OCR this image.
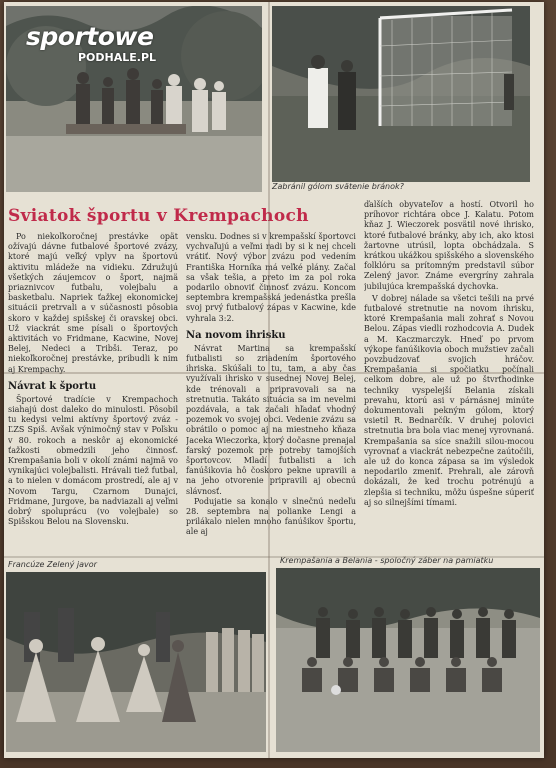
sportowe
PODHALE.PL
Zabránil gólom svätenie bránok?
Sviatok športu v Krempachoch

Po niekoľkoročnej prestávke opät ožívajú dávne futbalové športové zvázy, ktoré majú veľký vplyv na športovú aktivitu mládeže na vidieku. Združujú všetkých záujemcov o šport, najmä priaznivcov futbalu, volejbalu a basketbalu. Napriek ťažkej ekonomickej situácii pretrvali a v súčasnosti pôsobia skoro v každej spišskej či oravskej obci. Už viackrát sme písali o športových aktivitách vo Fridmane, Kacwine, Novej Belej, Nedeci a Tribši. Teraz, po niekoľkoročnej prestávke, pribudli k nim aj Krempachy.

Návrat k športu

Športové tradície v Krempachoch siahajú dost daleko do minulosti. Pôsobil tu kedysi velmi aktívny športový zváz - ĽZS Spiš. Avšak výnimočný stav v Poľsku v 80. rokoch a neskôr aj ekonomické ťažkosti obmedzili jeho činnosť. Krempašania boli v okolí známi najmä vo vynikajúci volejbalisti. Hrávali tiež futbal, a to nielen v domácom prostredí, ale aj v Novom Targu, Czarnom Dunajci, Fridmane, Jurgove, ba nadviazali aj veľmi dobrý spoluprácu (vo volejbale) so Spišskou Belou na Slovensku.

vensku. Dodnes si v krempašskí športovci vychvaľujú a veľmi radi by si k nej chceli vrátiť. Nový výbor zvázu pod vedením Františka Horníka má veľké plány. Začal sa však tešia, a preto im za pol roka podarilo obnoviť činnosť zvázu. Koncom septembra krempašská jedenástka prešla svoj prvý futbalový zápas v Kacwine, kde vyhrala 3:2.

Na novom ihrisku

Návrat Martina sa krempašskí futbalisti so zriadením športového ihriska. Skúšali to tu, tam, a aby čas využívali ihrisko v susednej Novej Belej, kde trénovali a pripravovali sa na stretnutia. Takáto situácia sa im nevelmi pozdávala, a tak začali hľadať vhodný pozemok vo svojej obci. Vedenie zvázu sa obrátilo o pomoc aj na miestneho kňaza Jaceka Wieczorka, ktorý dočasne prenajal farský pozemok pre potreby tamojších športovcov. Mladí futbalisti a ich fanúšikovia hô čoskoro pekne upravili a na jeho otvorenie pripravili aj obecnú slávnosť.

Podujatie sa konalo v slnečnú nedeľu 28. septembra na polianke Lengi a prilákalo nielen mnoho fanúšikov športu, ale aj

ďalších obyvateľov a hostí. Otvoril ho príhovor richtára obce J. Kalatu. Potom kňaz J. Wieczorek posvätil nové ihrisko, ktoré futbalové bránky, aby ich, ako ktosi žartovne utrúsil, lopta obchádzala. S krátkou ukážkou spišského a slovenského folklóru sa prítomným predstavil súbor Zelený javor. Známe evergríny zahrala jubilujúca krempašská dychovka.

V dobrej nálade sa všetci tešili na prvé futbalové stretnutie na novom ihrisku, ktoré Krempašania mali zohrať s Novou Belou. Zápas viedli rozhodcovia A. Dudek a M. Kaczmarczyk. Hneď po prvom výkope fanúšikovia oboch mužstiev začali povzbudzovať svojich hráčov. Krempašania si spočiatku počínali celkom dobre, ale už po štvrťhodinke techniky vyspelejší Belania získali prevahu, ktorú asi v párnásnej minúte dokumentovali pekným gólom, ktorý vsietil R. Bednarčík. V druhej polovici stretnutia bra bola viac menej vyrovnaná. Krempašania sa síce snažili silou-mocou vyrovnať a viackrát nebezpečne zaútočili, ale už do konca zápasa sa im výsledok nepodarilo zmeniť. Prehrali, ale zárovň dokázali, že ked trochu potrénujú a zlepšia si techniku, môžu úspešne súperiť aj so silnejšími tímami.

Francúze Zelený javor	Krempašania a Belania - spoločný záber na pamiatku
